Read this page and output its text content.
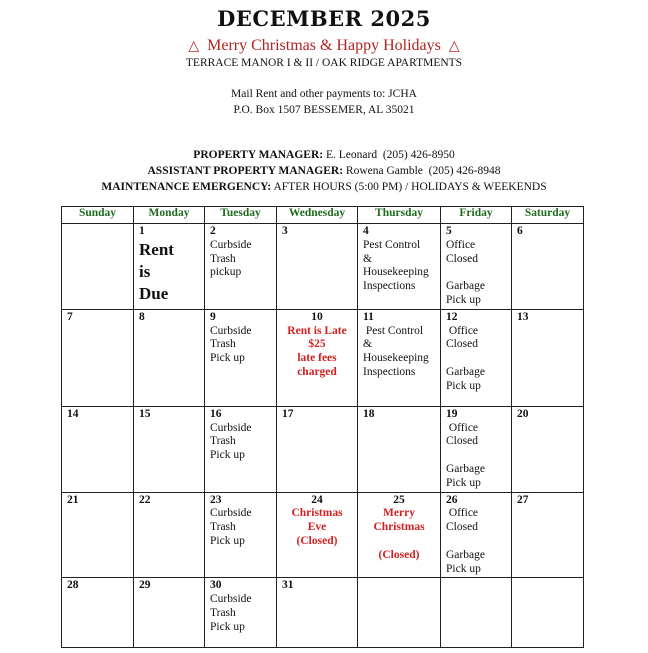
DECEMBER 2025
△ Merry Christmas & Happy Holidays △
TERRACE MANOR I & II / OAK RIDGE APARTMENTS
Mail Rent and other payments to: JCHA
P.O. Box 1507 BESSEMER, AL 35021
PROPERTY MANAGER: E. Leonard  (205) 426-8950
ASSISTANT PROPERTY MANAGER: Rowena Gamble  (205) 426-8948
MAINTENANCE EMERGENCY: AFTER HOURS (5:00 PM) / HOLIDAYS & WEEKENDS
Sunday	Monday	Tuesday	Wednesday	Thursday	Friday	Saturday

	1
Rent
is
Due	2
Curbside
Trash
pickup	3	4
Pest Control
&
Housekeeping
Inspections	5
Office
Closed
Garbage
Pick up	6

7	8	9
Curbside
Trash
Pick up	10
Rent is Late
$25
late fees
charged	11
Pest Control
&
Housekeeping
Inspections	12
Office
Closed
Garbage
Pick up	13

14	15	16
Curbside
Trash
Pick up	17	18	19
Office
Closed
Garbage
Pick up	20

21	22	23
Curbside
Trash
Pick up	24
Christmas
Eve
(Closed)	25
Merry
Christmas
(Closed)	26
Office
Closed
Garbage
Pick up	27

28	29	30
Curbside
Trash
Pick up	31			
